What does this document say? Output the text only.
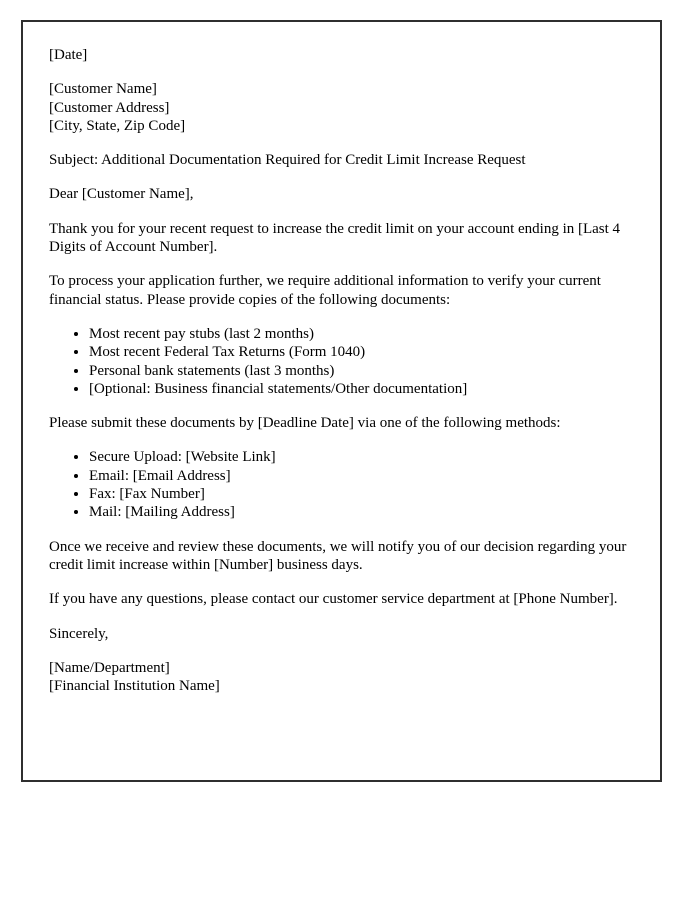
[Date]

[Customer Name]
[Customer Address]
[City, State, Zip Code]

Subject: Additional Documentation Required for Credit Limit Increase Request

Dear [Customer Name],

Thank you for your recent request to increase the credit limit on your account ending in [Last 4 Digits of Account Number].

To process your application further, we require additional information to verify your current financial status. Please provide copies of the following documents:

• Most recent pay stubs (last 2 months)
• Most recent Federal Tax Returns (Form 1040)
• Personal bank statements (last 3 months)
• [Optional: Business financial statements/Other documentation]

Please submit these documents by [Deadline Date] via one of the following methods:

• Secure Upload: [Website Link]
• Email: [Email Address]
• Fax: [Fax Number]
• Mail: [Mailing Address]

Once we receive and review these documents, we will notify you of our decision regarding your credit limit increase within [Number] business days.

If you have any questions, please contact our customer service department at [Phone Number].

Sincerely,

[Name/Department]
[Financial Institution Name]
